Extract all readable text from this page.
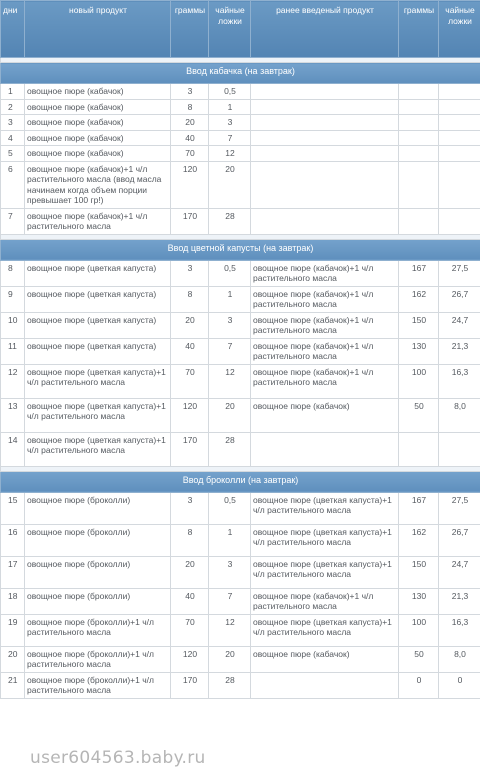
дни	новый продукт	граммы	чайные ложки	ранее введеный продукт	граммы	чайные ложки

Ввод кабачка (на завтрак)						
1	овощное пюре (кабачок)	3	0,5			
2	овощное пюре (кабачок)	8	1			
3	овощное пюре (кабачок)	20	3			
4	овощное пюре (кабачок)	40	7			
5	овощное пюре (кабачок)	70	12			
6	овощное пюре (кабачок)+1 ч/л растительного масла (ввод масла начинаем когда объем порции превышает 100 гр!)	120	20			
7	овощное пюре (кабачок)+1 ч/л растительного масла	170	28			

Ввод цветной капусты (на завтрак)						
8	овощное пюре (цветкая капуста)	3	0,5	овощное пюре (кабачок)+1 ч/л растительного масла	167	27,5
9	овощное пюре (цветкая капуста)	8	1	овощное пюре (кабачок)+1 ч/л растительного масла	162	26,7
10	овощное пюре (цветкая капуста)	20	3	овощное пюре (кабачок)+1 ч/л растительного масла	150	24,7
11	овощное пюре (цветкая капуста)	40	7	овощное пюре (кабачок)+1 ч/л растительного масла	130	21,3
12	овощное пюре (цветкая капуста)+1 ч/л растительного масла	70	12	овощное пюре (кабачок)+1 ч/л растительного масла	100	16,3
13	овощное пюре (цветкая капуста)+1 ч/л растительного масла	120	20	овощное пюре (кабачок)	50	8,0
14	овощное пюре (цветкая капуста)+1 ч/л растительного масла	170	28			

Ввод броколли (на завтрак)						
15	овощное пюре (броколли)	3	0,5	овощное пюре (цветкая капуста)+1 ч/л растительного масла	167	27,5
16	овощное пюре (броколли)	8	1	овощное пюре (цветкая капуста)+1 ч/л растительного масла	162	26,7
17	овощное пюре (броколли)	20	3	овощное пюре (цветкая капуста)+1 ч/л растительного масла	150	24,7
18	овощное пюре (броколли)	40	7	овощное пюре (кабачок)+1 ч/л растительного масла	130	21,3
19	овощное пюре (броколли)+1 ч/л растительного масла	70	12	овощное пюре (цветкая капуста)+1 ч/л растительного масла	100	16,3
20	овощное пюре (броколли)+1 ч/л растительного масла	120	20	овощное пюре (кабачок)	50	8,0
21	овощное пюре (броколли)+1 ч/л растительного масла	170	28		0	0
user604563.baby.ru
